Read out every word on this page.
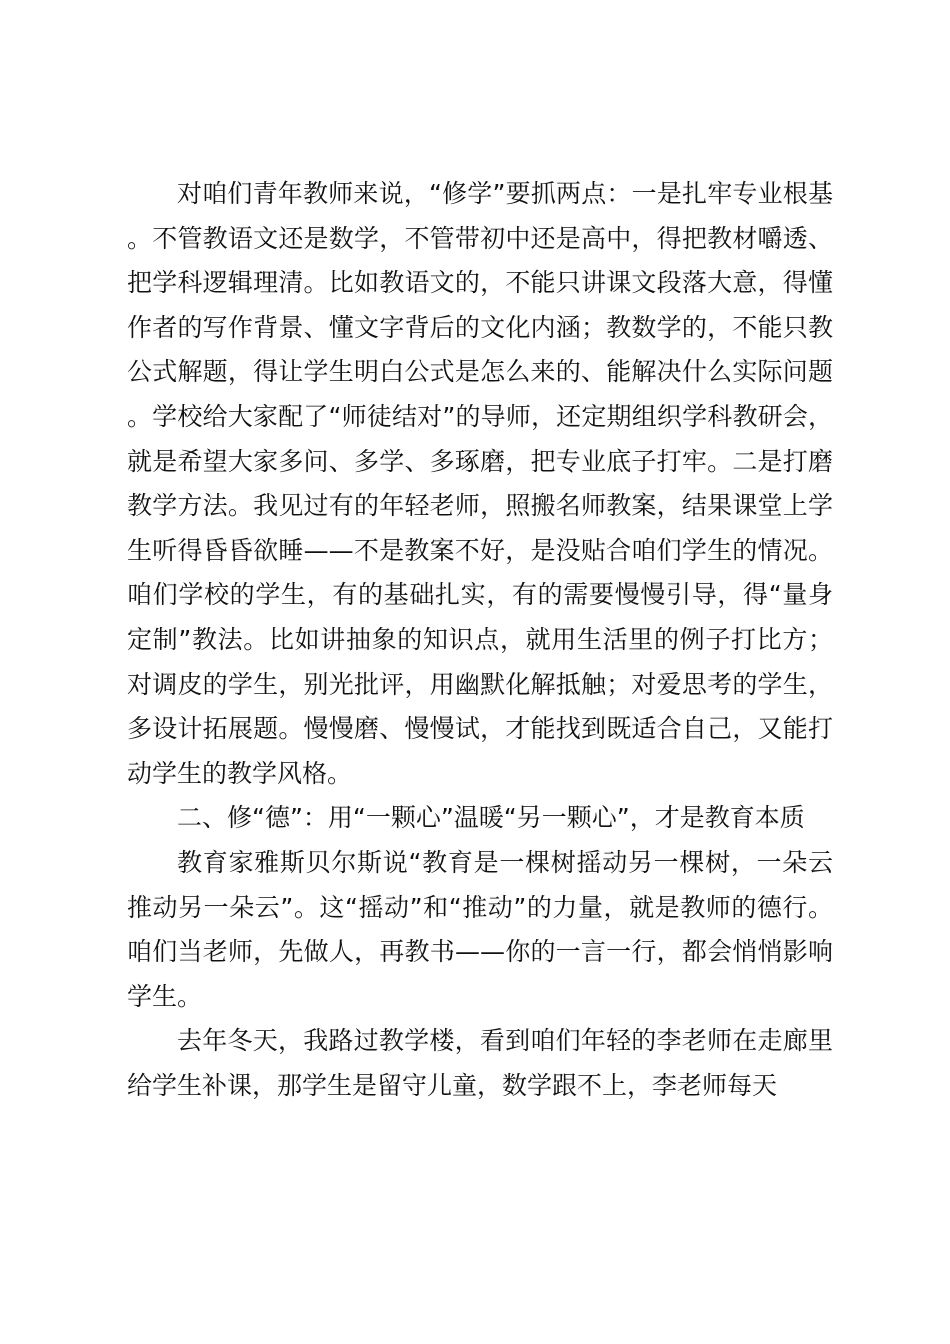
对咱们青年教师来说，“修学”要抓两点：一是扎牢专业根基。不管教语文还是数学，不管带初中还是高中，得把教材嚼透、把学科逻辑理清。比如教语文的，不能只讲课文段落大意，得懂作者的写作背景、懂文字背后的文化内涵；教数学的，不能只教公式解题，得让学生明白公式是怎么来的、能解决什么实际问题。学校给大家配了“师徒结对”的导师，还定期组织学科教研会，就是希望大家多问、多学、多琢磨，把专业底子打牢。二是打磨教学方法。我见过有的年轻老师，照搬名师教案，结果课堂上学生听得昏昏欲睡——不是教案不好，是没贴合咱们学生的情况。咱们学校的学生，有的基础扎实，有的需要慢慢引导，得“量身定制”教法。比如讲抽象的知识点，就用生活里的例子打比方；对调皮的学生，别光批评，用幽默化解抵触；对爱思考的学生，多设计拓展题。慢慢磨、慢慢试，才能找到既适合自己，又能打动学生的教学风格。

二、修“德”：用“一颗心”温暖“另一颗心”，才是教育本质

教育家雅斯贝尔斯说“教育是一棵树摇动另一棵树，一朵云推动另一朵云”。这“摇动”和“推动”的力量，就是教师的德行。咱们当老师，先做人，再教书——你的一言一行，都会悄悄影响学生。

去年冬天，我路过教学楼，看到咱们年轻的李老师在走廊里给学生补课，那学生是留守儿童，数学跟不上，李老师每天
